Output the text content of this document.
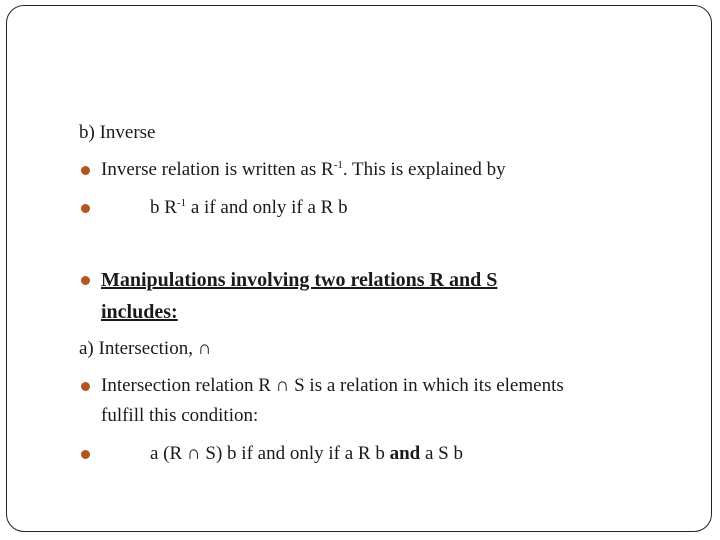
b) Inverse
Inverse relation is written as $R^{-1}$. This is explained by
b $R^{-1}$ a if and only if a R b
Manipulations involving two relations R and S
includes:
a) Intersection, ∩
Intersection relation R ∩ S is a relation in which its elements
fulfill this condition:
a (R ∩ S) b if and only if a R b and a S b
